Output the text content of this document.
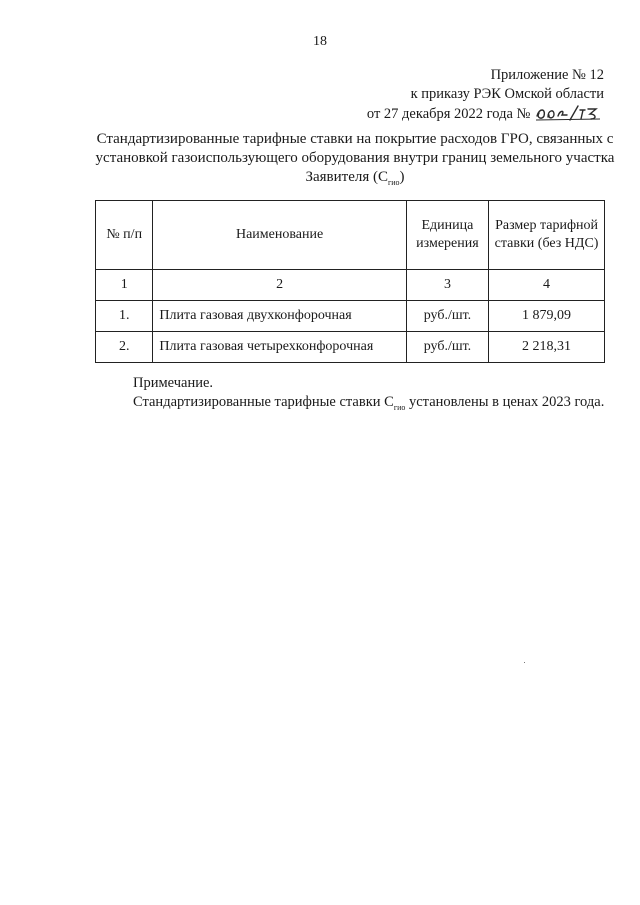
18
Приложение № 12
к приказу РЭК Омской области
от 27 декабря 2022 года №
Стандартизированные тарифные ставки на покрытие расходов ГРО, связанных с установкой газоиспользующего оборудования внутри границ земельного участка Заявителя $(С_{гио})$
№ п/п	Наименование	Единица измерения	Размер тарифной ставки (без НДС)
1	2	3	4
1.	Плита газовая двухконфорочная	руб./шт.	1 879,09
2.	Плита газовая четырехконфорочная	руб./шт.	2 218,31
Примечание.
Стандартизированные тарифные ставки $С_{гио}$ установлены в ценах 2023 года.
